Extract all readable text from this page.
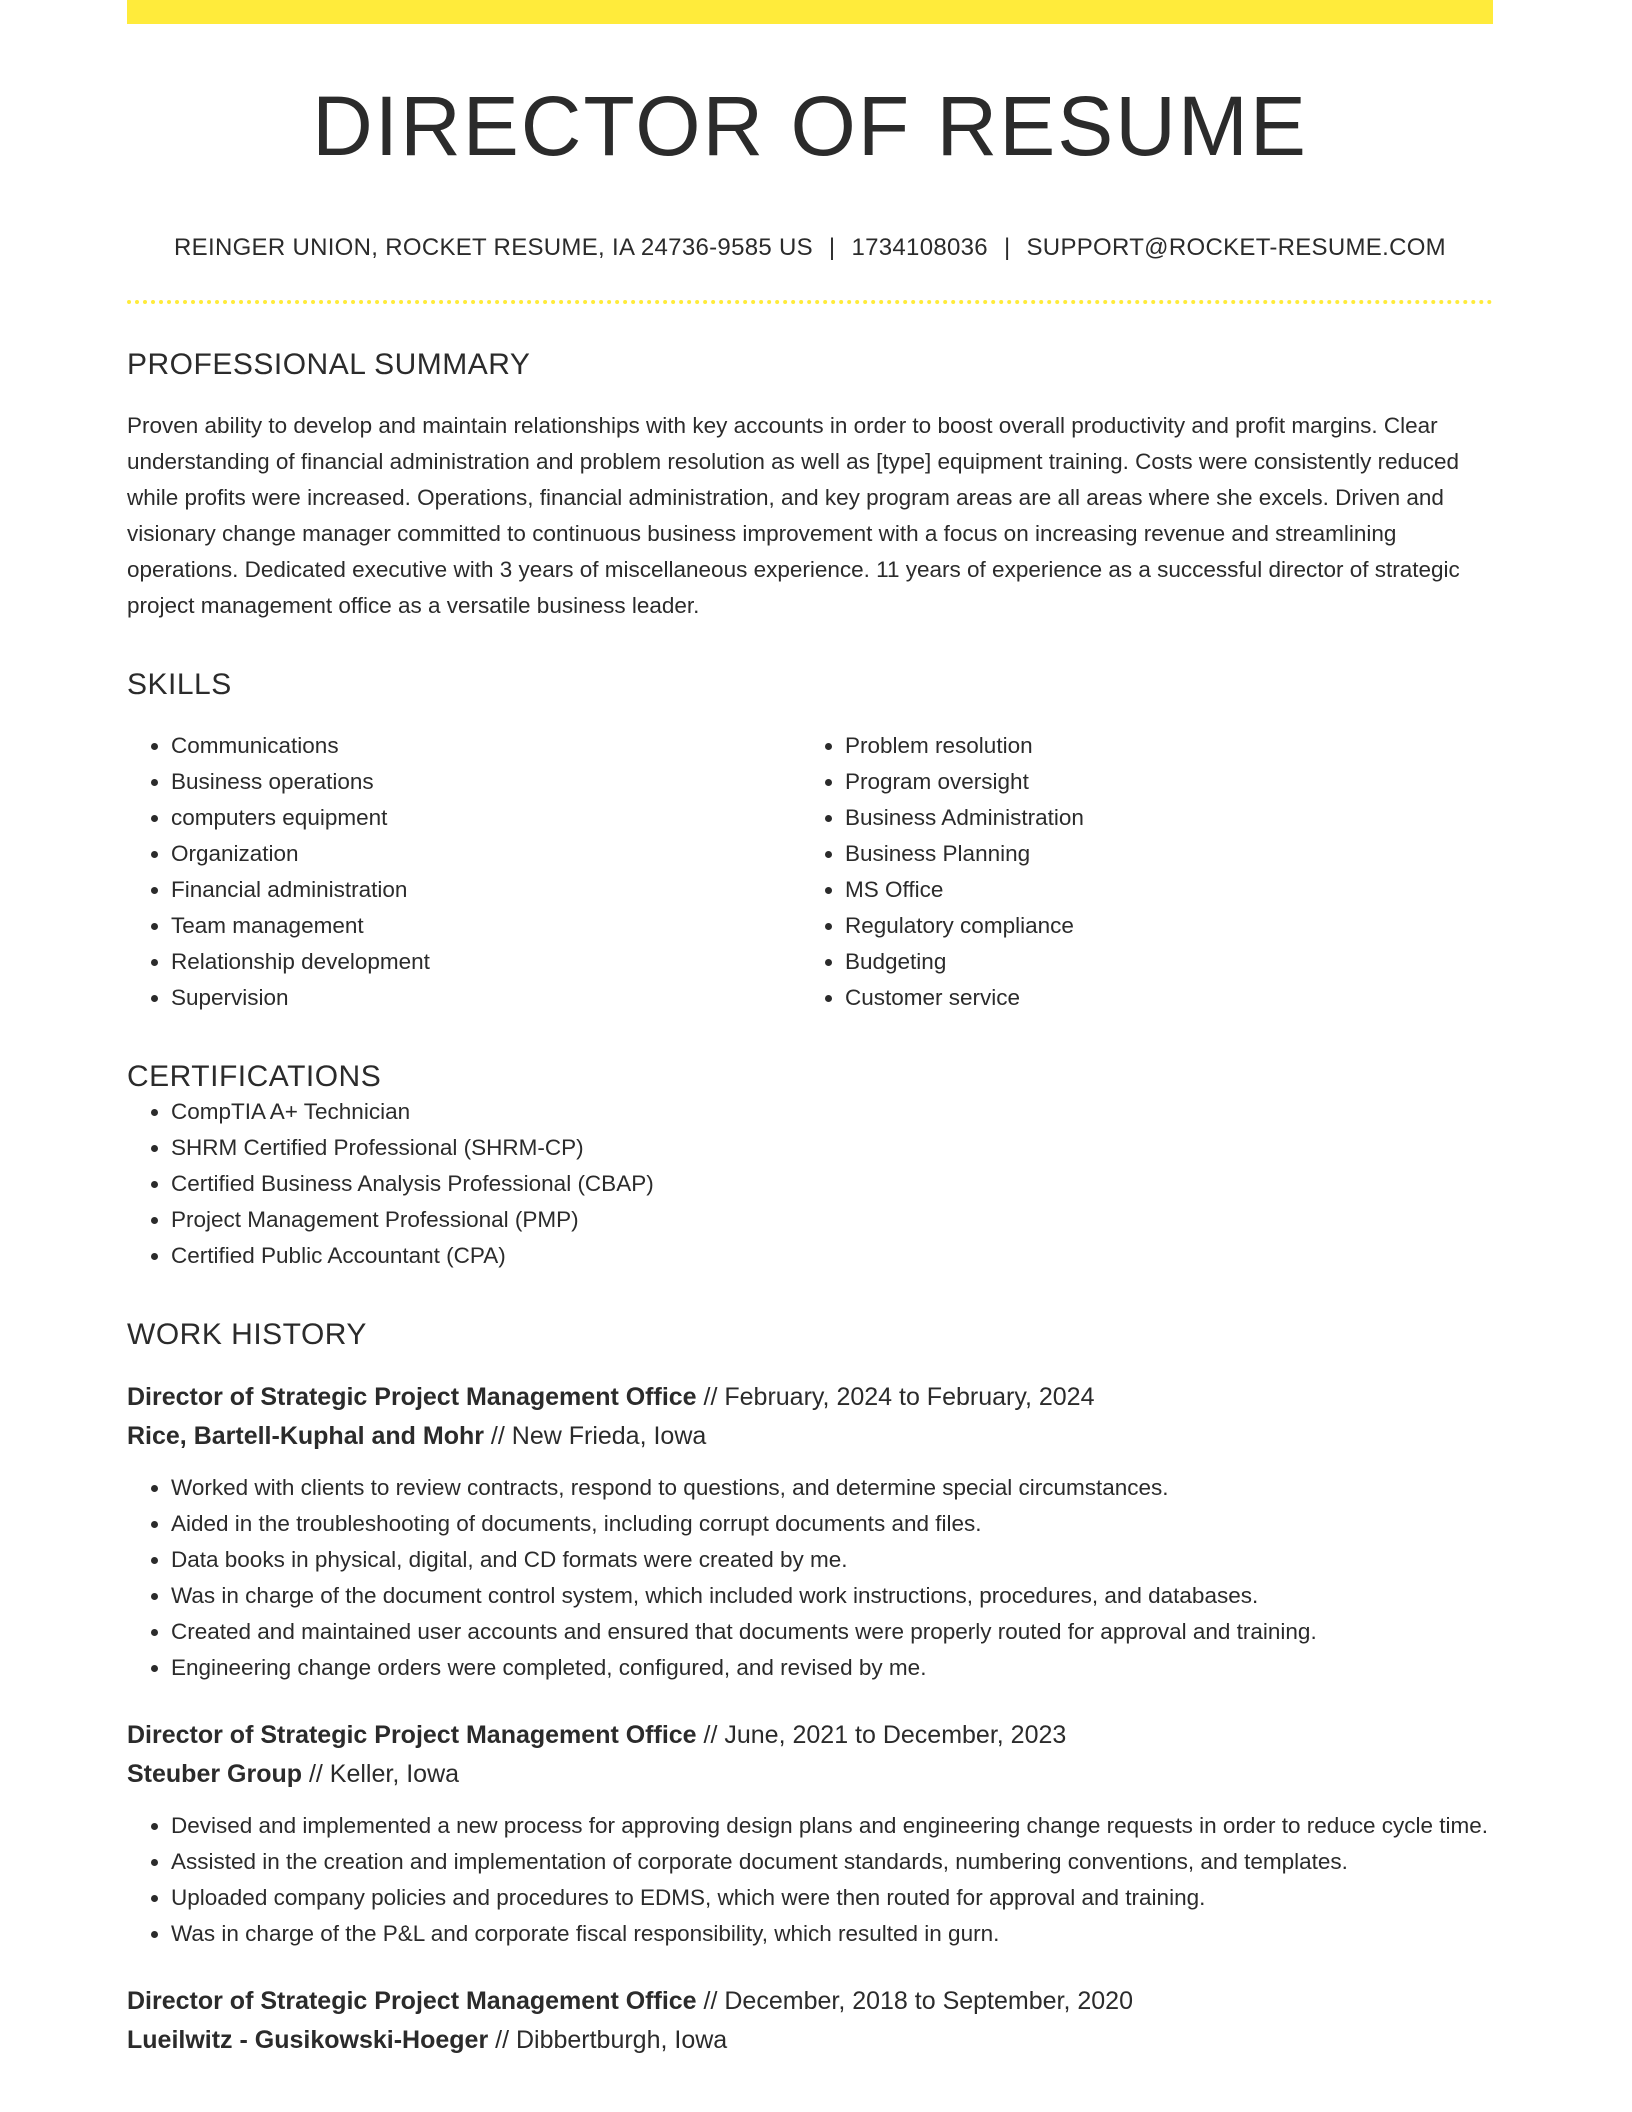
DIRECTOR OF RESUME
REINGER UNION, ROCKET RESUME, IA 24736-9585 US | 1734108036 | SUPPORT@ROCKET-RESUME.COM
PROFESSIONAL SUMMARY
Proven ability to develop and maintain relationships with key accounts in order to boost overall productivity and profit margins. Clear understanding of financial administration and problem resolution as well as [type] equipment training. Costs were consistently reduced while profits were increased. Operations, financial administration, and key program areas are all areas where she excels. Driven and visionary change manager committed to continuous business improvement with a focus on increasing revenue and streamlining operations. Dedicated executive with 3 years of miscellaneous experience. 11 years of experience as a successful director of strategic project management office as a versatile business leader.
SKILLS
• Communications
• Business operations
• computers equipment
• Organization
• Financial administration
• Team management
• Relationship development
• Supervision
• Problem resolution
• Program oversight
• Business Administration
• Business Planning
• MS Office
• Regulatory compliance
• Budgeting
• Customer service
CERTIFICATIONS
• CompTIA A+ Technician
• SHRM Certified Professional (SHRM-CP)
• Certified Business Analysis Professional (CBAP)
• Project Management Professional (PMP)
• Certified Public Accountant (CPA)
WORK HISTORY
Director of Strategic Project Management Office // February, 2024 to February, 2024
Rice, Bartell-Kuphal and Mohr // New Frieda, Iowa
• Worked with clients to review contracts, respond to questions, and determine special circumstances.
• Aided in the troubleshooting of documents, including corrupt documents and files.
• Data books in physical, digital, and CD formats were created by me.
• Was in charge of the document control system, which included work instructions, procedures, and databases.
• Created and maintained user accounts and ensured that documents were properly routed for approval and training.
• Engineering change orders were completed, configured, and revised by me.
Director of Strategic Project Management Office // June, 2021 to December, 2023
Steuber Group // Keller, Iowa
• Devised and implemented a new process for approving design plans and engineering change requests in order to reduce cycle time.
• Assisted in the creation and implementation of corporate document standards, numbering conventions, and templates.
• Uploaded company policies and procedures to EDMS, which were then routed for approval and training.
• Was in charge of the P&L and corporate fiscal responsibility, which resulted in gurn.
Director of Strategic Project Management Office // December, 2018 to September, 2020
Lueilwitz - Gusikowski-Hoeger // Dibbertburgh, Iowa
